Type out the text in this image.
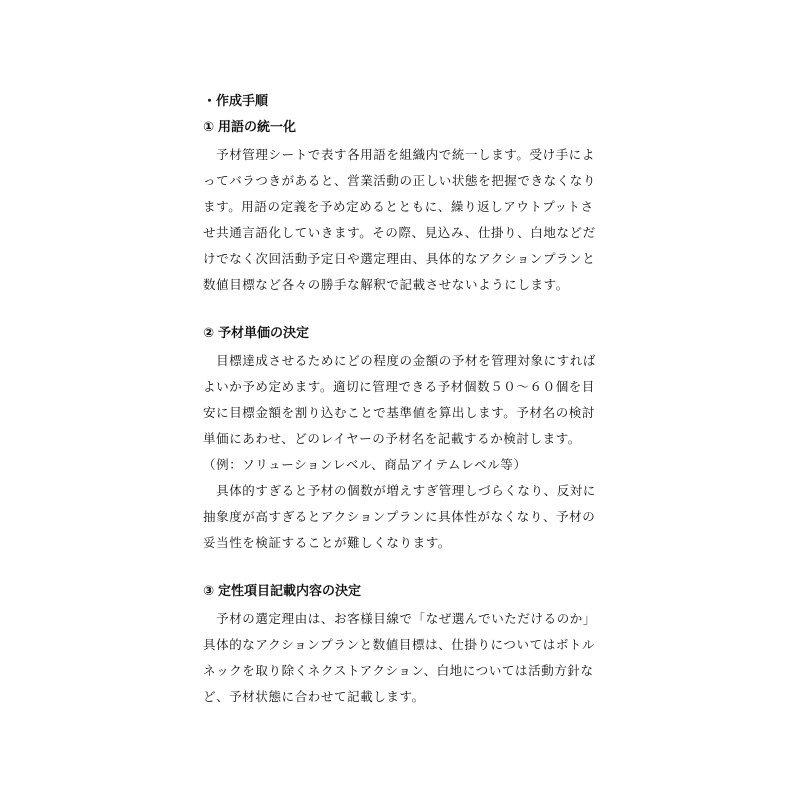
・作成手順
① 用語の統一化
　予材管理シートで表す各用語を組織内で統一します。受け手によ
ってバラつきがあると、営業活動の正しい状態を把握できなくなり
ます。用語の定義を予め定めるとともに、繰り返しアウトプットさ
せ共通言語化していきます。その際、見込み、仕掛り、白地などだ
けでなく次回活動予定日や選定理由、具体的なアクションプランと
数値目標など各々の勝手な解釈で記載させないようにします。
② 予材単価の決定
　目標達成させるためにどの程度の金額の予材を管理対象にすれば
よいか予め定めます。適切に管理できる予材個数５０～６０個を目
安に目標金額を割り込むことで基準値を算出します。予材名の検討
単価にあわせ、どのレイヤーの予材名を記載するか検討します。
（例：ソリューションレベル、商品アイテムレベル等）
　具体的すぎると予材の個数が増えすぎ管理しづらくなり、反対に
抽象度が高すぎるとアクションプランに具体性がなくなり、予材の
妥当性を検証することが難しくなります。
③ 定性項目記載内容の決定
　予材の選定理由は、お客様目線で「なぜ選んでいただけるのか」
具体的なアクションプランと数値目標は、仕掛りについてはボトル
ネックを取り除くネクストアクション、白地については活動方針な
ど、予材状態に合わせて記載します。
